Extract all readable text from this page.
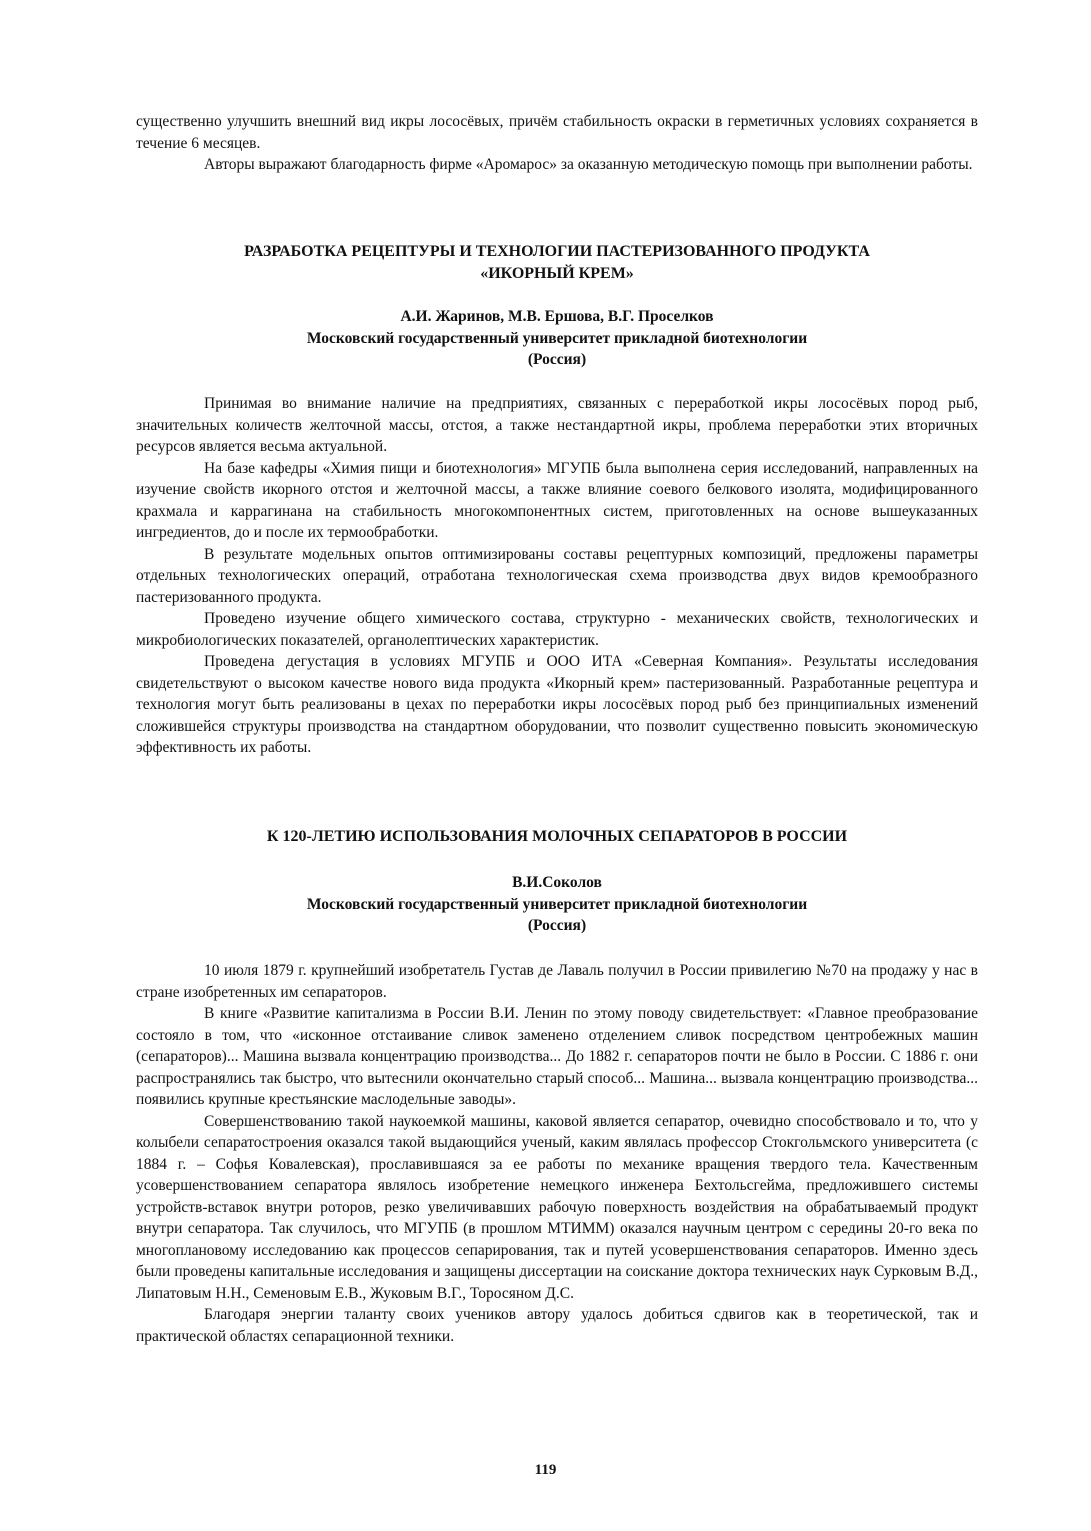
существенно улучшить внешний вид икры лососёвых, причём стабильность окраски в герметичных условиях сохраняется в течение 6 месяцев.

Авторы выражают благодарность фирме «Аромарос» за оказанную методическую помощь при выполнении работы.

РАЗРАБОТКА РЕЦЕПТУРЫ И ТЕХНОЛОГИИ ПАСТЕРИЗОВАННОГО ПРОДУКТА
«ИКОРНЫЙ КРЕМ»

А.И. Жаринов, М.В. Ершова, В.Г. Проселков

Московский государственный университет прикладной биотехнологии

(Россия)

Принимая во внимание наличие на предприятиях, связанных с переработкой икры лососёвых пород рыб, значительных количеств желточной массы, отстоя, а также нестандартной икры, проблема переработки этих вторичных ресурсов является весьма актуальной.

На базе кафедры «Химия пищи и биотехнология» МГУПБ была выполнена серия исследований, направленных на изучение свойств икорного отстоя и желточной массы, а также влияние соевого белкового изолята, модифицированного крахмала и каррагинана на стабильность многокомпонентных систем, приготовленных на основе вышеуказанных ингредиентов, до и после их термообработки.

В результате модельных опытов оптимизированы составы рецептурных композиций, предложены параметры отдельных технологических операций, отработана технологическая схема производства двух видов кремообразного пастеризованного продукта.

Проведено изучение общего химического состава, структурно - механических свойств, технологических и микробиологических показателей, органолептических характеристик.

Проведена дегустация в условиях МГУПБ и ООО ИТА «Северная Компания». Результаты исследования свидетельствуют о высоком качестве нового вида продукта «Икорный крем» пастеризованный. Разработанные рецептура и технология могут быть реализованы в цехах по переработки икры лососёвых пород рыб без принципиальных изменений сложившейся структуры производства на стандартном оборудовании, что позволит существенно повысить экономическую эффективность их работы.

К 120-ЛЕТИЮ ИСПОЛЬЗОВАНИЯ МОЛОЧНЫХ СЕПАРАТОРОВ В РОССИИ

В.И.Соколов

Московский государственный университет прикладной биотехнологии

(Россия)

10 июля 1879 г. крупнейший изобретатель Густав де Лаваль получил в России привилегию №70 на продажу у нас в стране изобретенных им сепараторов.

В книге «Развитие капитализма в России В.И. Ленин по этому поводу свидетельствует: «Главное преобразование состояло в том, что «исконное отстаивание сливок заменено отделением сливок посредством центробежных машин (сепараторов)... Машина вызвала концентрацию производства... До 1882 г. сепараторов почти не было в России. С 1886 г. они распространялись так быстро, что вытеснили окончательно старый способ... Машина... вызвала концентрацию производства... появились крупные крестьянские маслодельные заводы».

Совершенствованию такой наукоемкой машины, каковой является сепаратор, очевидно способствовало и то, что у колыбели сепаратостроения оказался такой выдающийся ученый, каким являлась профессор Стокгольмского университета (с 1884 г. – Софья Ковалевская), прославившаяся за ее работы по механике вращения твердого тела. Качественным усовершенствованием сепаратора являлось изобретение немецкого инженера Бехтольсгейма, предложившего системы устройств-вставок внутри роторов, резко увеличивавших рабочую поверхность воздействия на обрабатываемый продукт внутри сепаратора. Так случилось, что МГУПБ (в прошлом МТИММ) оказался научным центром с середины 20-го века по многоплановому исследованию как процессов сепарирования, так и путей усовершенствования сепараторов. Именно здесь были проведены капитальные исследования и защищены диссертации на соискание доктора технических наук Сурковым В.Д., Липатовым Н.Н., Семеновым Е.В., Жуковым В.Г., Торосяном Д.С.

Благодаря энергии таланту своих учеников автору удалось добиться сдвигов как в теоретической, так и практической областях сепарационной техники.

119
